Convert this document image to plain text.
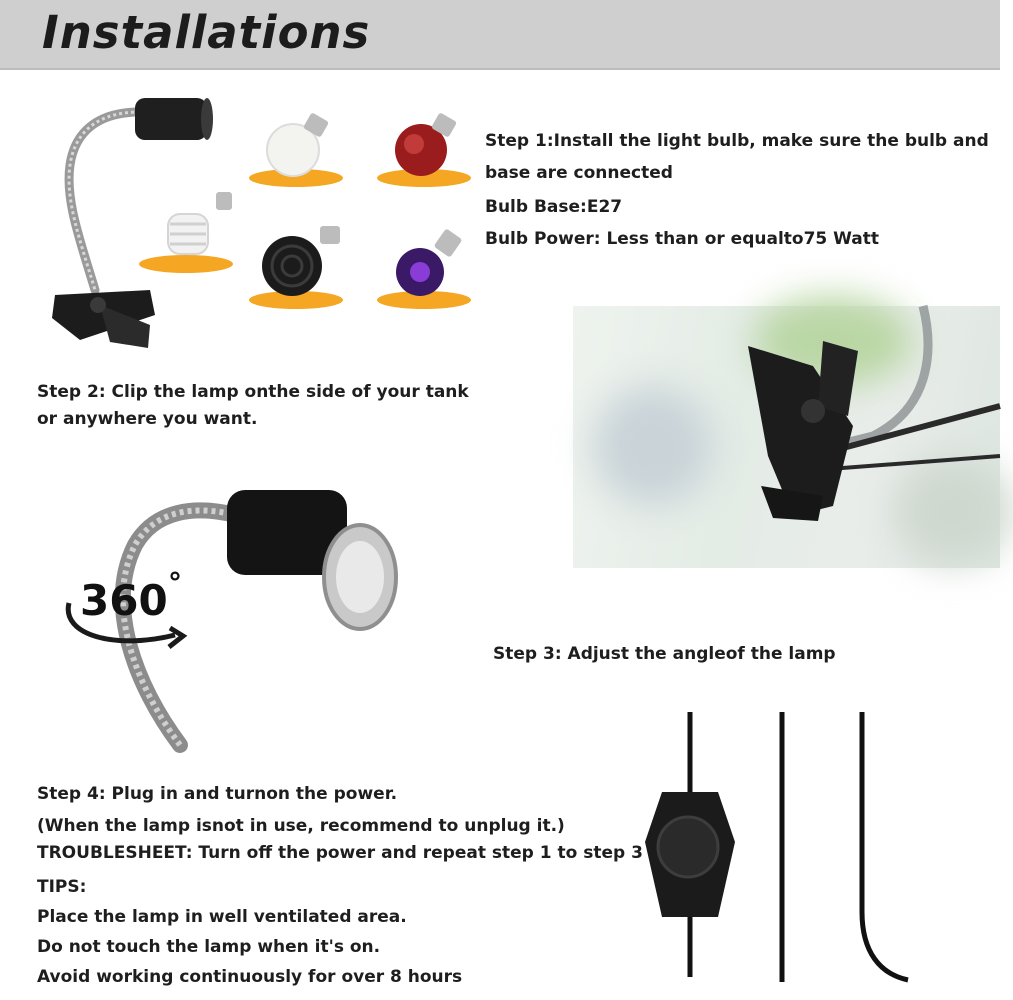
Installations
Step 1:Install the light bulb, make sure the bulb and
base are connected
Bulb Base:E27
Bulb Power: Less than or equalto75 Watt
Step 2: Clip the lamp onthe side of your tank
or anywhere you want.
360 °
Step 3: Adjust the angleof the lamp
Step 4: Plug in and turnon the power.
(When the lamp isnot in use, recommend to unplug it.)
TROUBLESHEET: Turn off the power and repeat step 1 to step 3
TIPS:
Place the lamp in well ventilated area.
Do not touch the lamp when it's on.
Avoid working continuously for over 8 hours
